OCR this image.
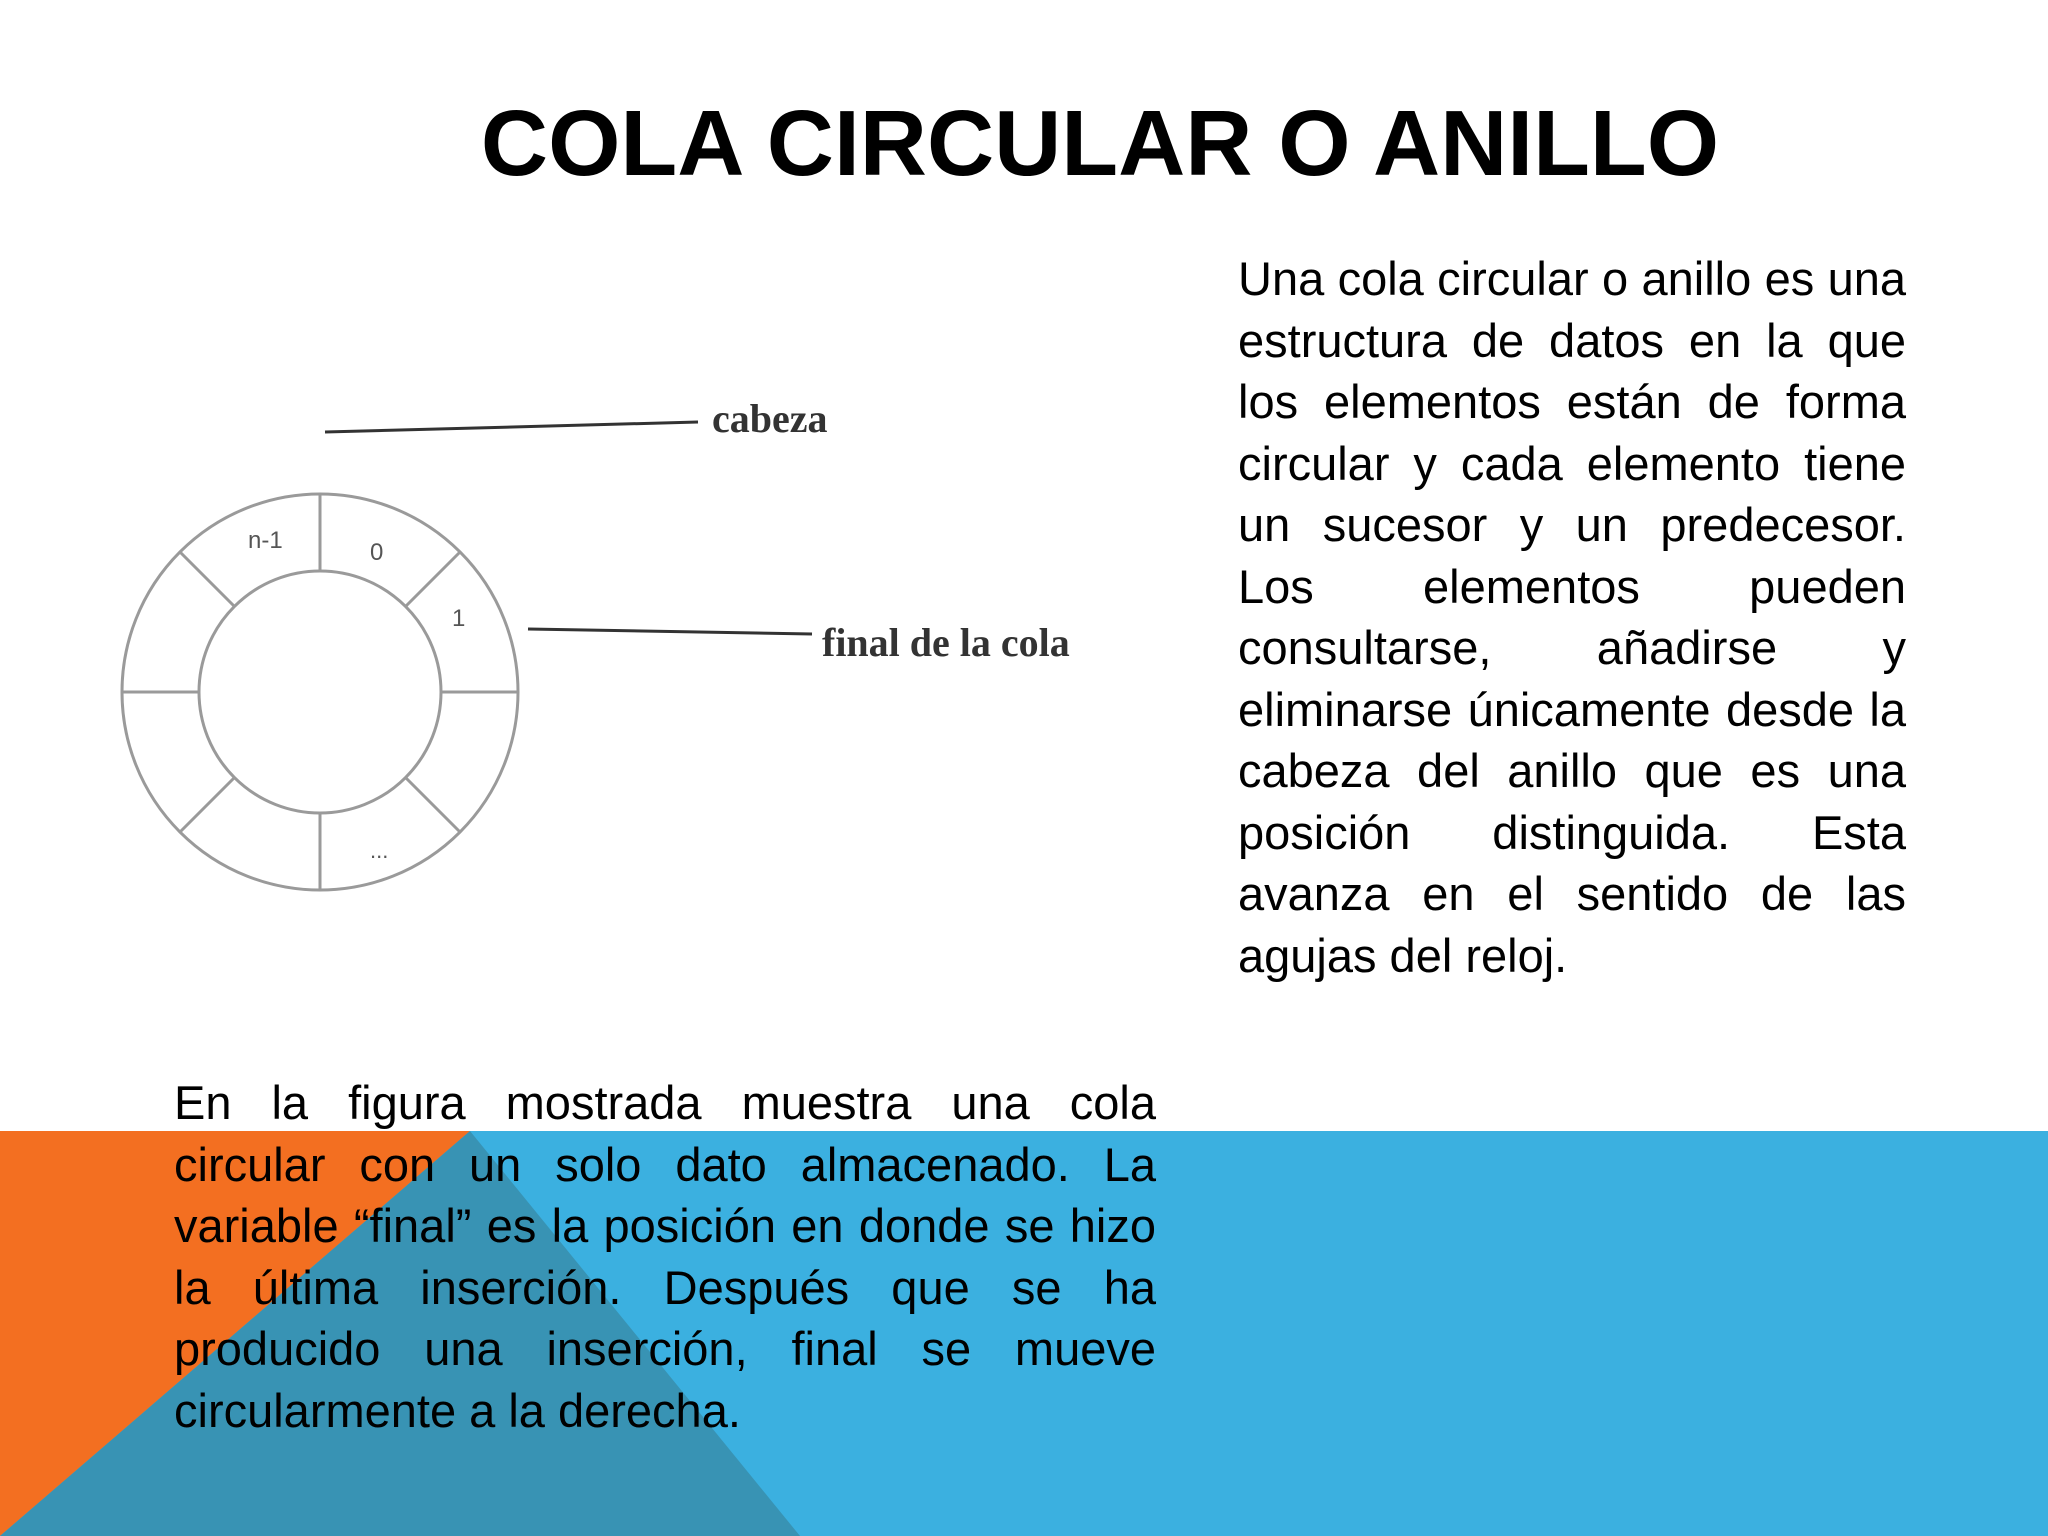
COLA CIRCULAR O ANILLO
n-1	0
1
...
cabeza
final de la cola

Una cola circular o anillo es una estructura de datos en la que los elementos están de forma circular y cada elemento tiene un sucesor y un predecesor. Los elementos pueden consultarse, añadirse y eliminarse únicamente desde la cabeza del anillo que es una posición distinguida. Esta avanza en el sentido de las agujas del reloj.

En la figura mostrada muestra una cola circular con un solo dato almacenado. La variable “final” es la posición en donde se hizo la última inserción. Después que se ha producido una inserción, final se mueve circularmente a la derecha.
